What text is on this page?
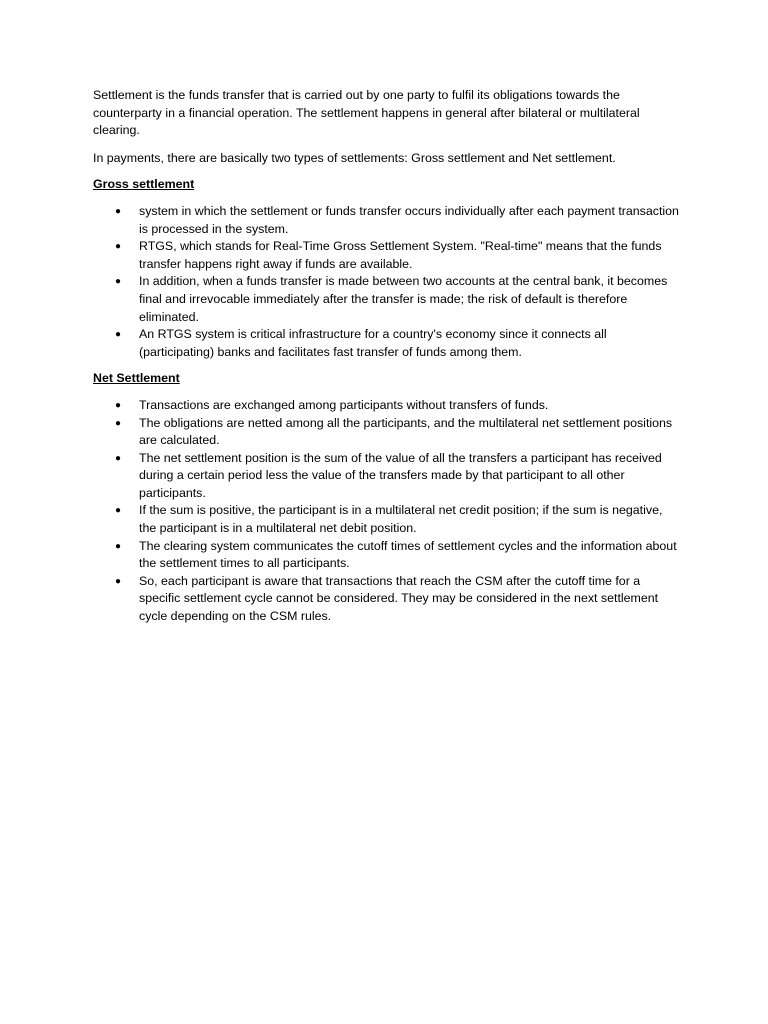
Settlement is the funds transfer that is carried out by one party to fulfil its obligations towards the counterparty in a financial operation. The settlement happens in general after bilateral or multilateral clearing.

In payments, there are basically two types of settlements: Gross settlement and Net settlement.

Gross settlement

● system in which the settlement or funds transfer occurs individually after each payment transaction is processed in the system.
● RTGS, which stands for Real-Time Gross Settlement System. "Real-time" means that the funds transfer happens right away if funds are available.
● In addition, when a funds transfer is made between two accounts at the central bank, it becomes final and irrevocable immediately after the transfer is made; the risk of default is therefore eliminated.
● An RTGS system is critical infrastructure for a country's economy since it connects all (participating) banks and facilitates fast transfer of funds among them.

Net Settlement

● Transactions are exchanged among participants without transfers of funds.
● The obligations are netted among all the participants, and the multilateral net settlement positions are calculated.
● The net settlement position is the sum of the value of all the transfers a participant has received during a certain period less the value of the transfers made by that participant to all other participants.
● If the sum is positive, the participant is in a multilateral net credit position; if the sum is negative, the participant is in a multilateral net debit position.
● The clearing system communicates the cutoff times of settlement cycles and the information about the settlement times to all participants.
● So, each participant is aware that transactions that reach the CSM after the cutoff time for a specific settlement cycle cannot be considered. They may be considered in the next settlement cycle depending on the CSM rules.
